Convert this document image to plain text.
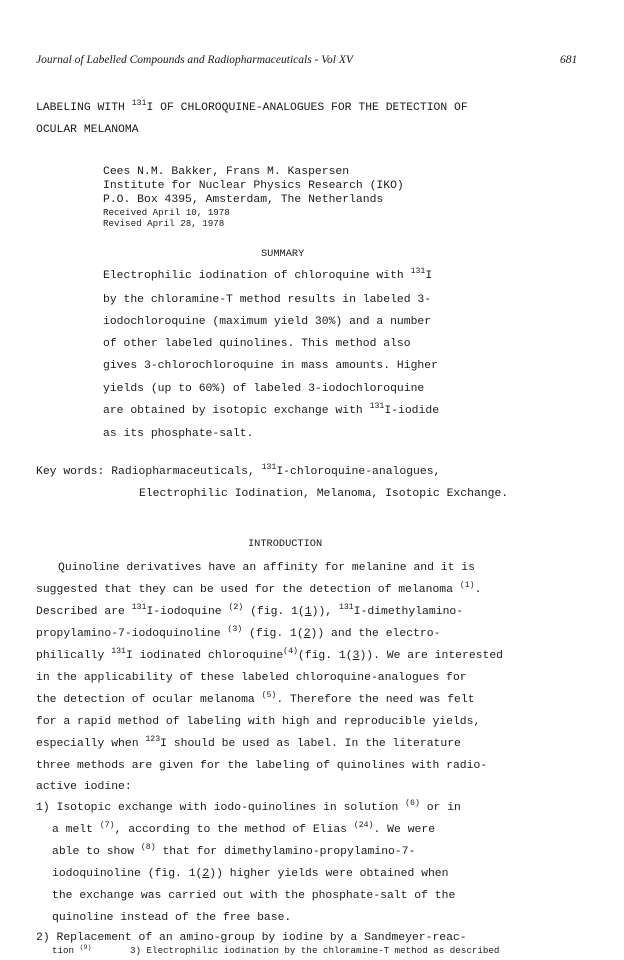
Journal of Labelled Compounds and Radiopharmaceuticals - Vol XV	681
LABELING WITH $^{131}$I OF CHLOROQUINE-ANALOGUES FOR THE DETECTION OF
OCULAR MELANOMA
Cees N.M. Bakker, Frans M. Kaspersen
Institute for Nuclear Physics Research (IKO)
P.O. Box 4395, Amsterdam, The Netherlands
Received April 10, 1978
Revised April 28, 1978
SUMMARY
Electrophilic iodination of chloroquine with $^{131}$I
by the chloramine-T method results in labeled 3-
iodochloroquine (maximum yield 30%) and a number
of other labeled quinolines. This method also
gives 3-chlorochloroquine in mass amounts. Higher
yields (up to 60%) of labeled 3-iodochloroquine
are obtained by isotopic exchange with $^{131}$I-iodide
as its phosphate-salt.
Key words: Radiopharmaceuticals, $^{131}$I-chloroquine-analogues,
Electrophilic Iodination, Melanoma, Isotopic Exchange.
INTRODUCTION
Quinoline derivatives have an affinity for melanine and it is
suggested that they can be used for the detection of melanoma $^{(1)}$.
Described are $^{131}$I-iodoquine $^{(2)}$ (fig. 1(1)), $^{131}$I-dimethylamino-
propylamino-7-iodoquinoline $^{(3)}$ (fig. 1(2)) and the electro-
philically $^{131}$I iodinated chloroquine$^{(4)}$(fig. 1(3)). We are interested
in the applicability of these labeled chloroquine-analogues for
the detection of ocular melanoma $^{(5)}$. Therefore the need was felt
for a rapid method of labeling with high and reproducible yields,
especially when $^{123}$I should be used as label. In the literature
three methods are given for the labeling of quinolines with radio-
active iodine:
1) Isotopic exchange with iodo-quinolines in solution $^{(6)}$ or in
a melt $^{(7)}$, according to the method of Elias $^{(24)}$. We were
able to show $^{(8)}$ that for dimethylamino-propylamino-7-
iodoquinoline (fig. 1(2)) higher yields were obtained when
the exchange was carried out with the phosphate-salt of the
quinoline instead of the free base.
2) Replacement of an amino-group by iodine by a Sandmeyer-reac-
tion $^{(9)}$	3) Electrophilic iodination by the chloramine-T method as described
